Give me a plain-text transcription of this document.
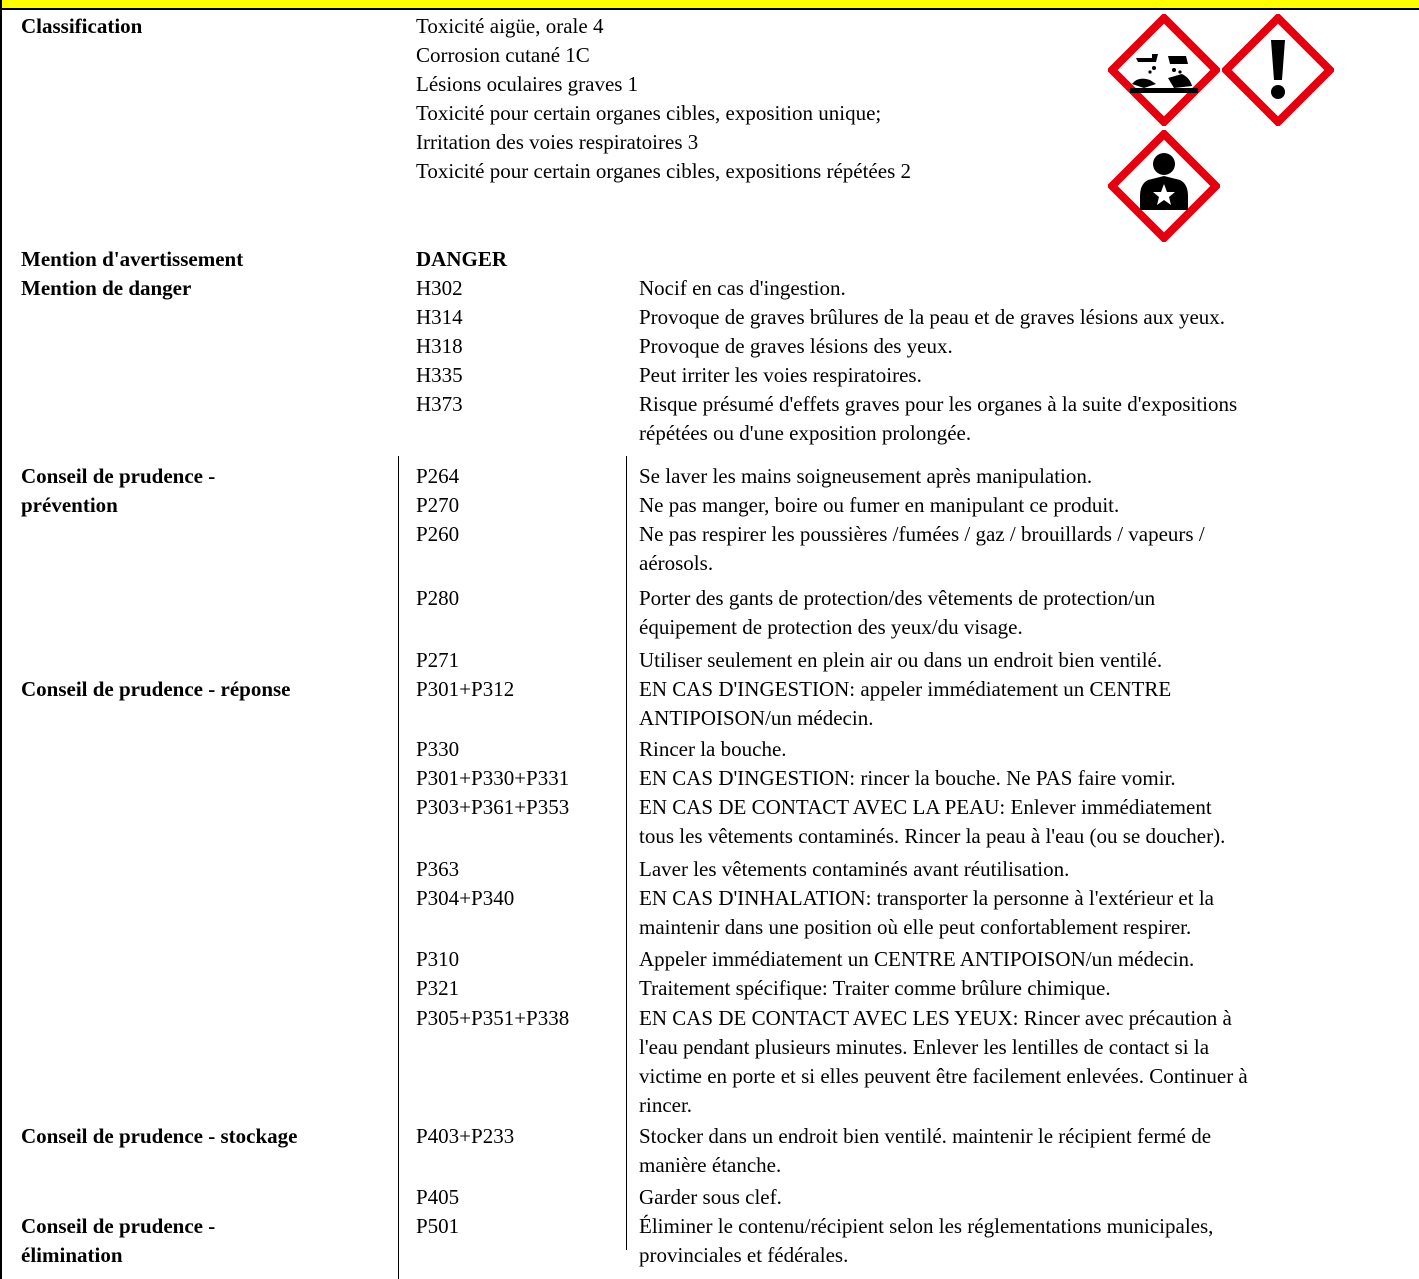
Classification	Toxicité aigüe, orale 4
Corrosion cutané 1C
Lésions oculaires graves 1
Toxicité pour certain organes cibles, exposition unique;
Irritation des voies respiratoires 3
Toxicité pour certain organes cibles, expositions répétées 2
Mention d'avertissement	DANGER
Mention de danger	H302	Nocif en cas d'ingestion.
H314	Provoque de graves brûlures de la peau et de graves lésions aux yeux.
H318	Provoque de graves lésions des yeux.
H335	Peut irriter les voies respiratoires.
H373	Risque présumé d'effets graves pour les organes à la suite d'expositions
répétées ou d'une exposition prolongée.
Conseil de prudence -
prévention
P264	Se laver les mains soigneusement après manipulation.
P270	Ne pas manger, boire ou fumer en manipulant ce produit.
P260	Ne pas respirer les poussières /fumées / gaz / brouillards / vapeurs /
aérosols.
P280	Porter des gants de protection/des vêtements de protection/un
équipement de protection des yeux/du visage.
P271	Utiliser seulement en plein air ou dans un endroit bien ventilé.
Conseil de prudence - réponse	P301+P312	EN CAS D'INGESTION: appeler immédiatement un CENTRE
ANTIPOISON/un médecin.
P330	Rincer la bouche.
P301+P330+P331	EN CAS D'INGESTION: rincer la bouche. Ne PAS faire vomir.
P303+P361+P353	EN CAS DE CONTACT AVEC LA PEAU: Enlever immédiatement
tous les vêtements contaminés. Rincer la peau à l'eau (ou se doucher).
P363	Laver les vêtements contaminés avant réutilisation.
P304+P340	EN CAS D'INHALATION: transporter la personne à l'extérieur et la
maintenir dans une position où elle peut confortablement respirer.
P310	Appeler immédiatement un CENTRE ANTIPOISON/un médecin.
P321	Traitement spécifique: Traiter comme brûlure chimique.
P305+P351+P338	EN CAS DE CONTACT AVEC LES YEUX: Rincer avec précaution à
l'eau pendant plusieurs minutes. Enlever les lentilles de contact si la
victime en porte et si elles peuvent être facilement enlevées. Continuer à
rincer.
Conseil de prudence - stockage	P403+P233	Stocker dans un endroit bien ventilé. maintenir le récipient fermé de
manière étanche.
P405	Garder sous clef.
Conseil de prudence -
élimination
P501	Éliminer le contenu/récipient selon les réglementations municipales,
provinciales et fédérales.
